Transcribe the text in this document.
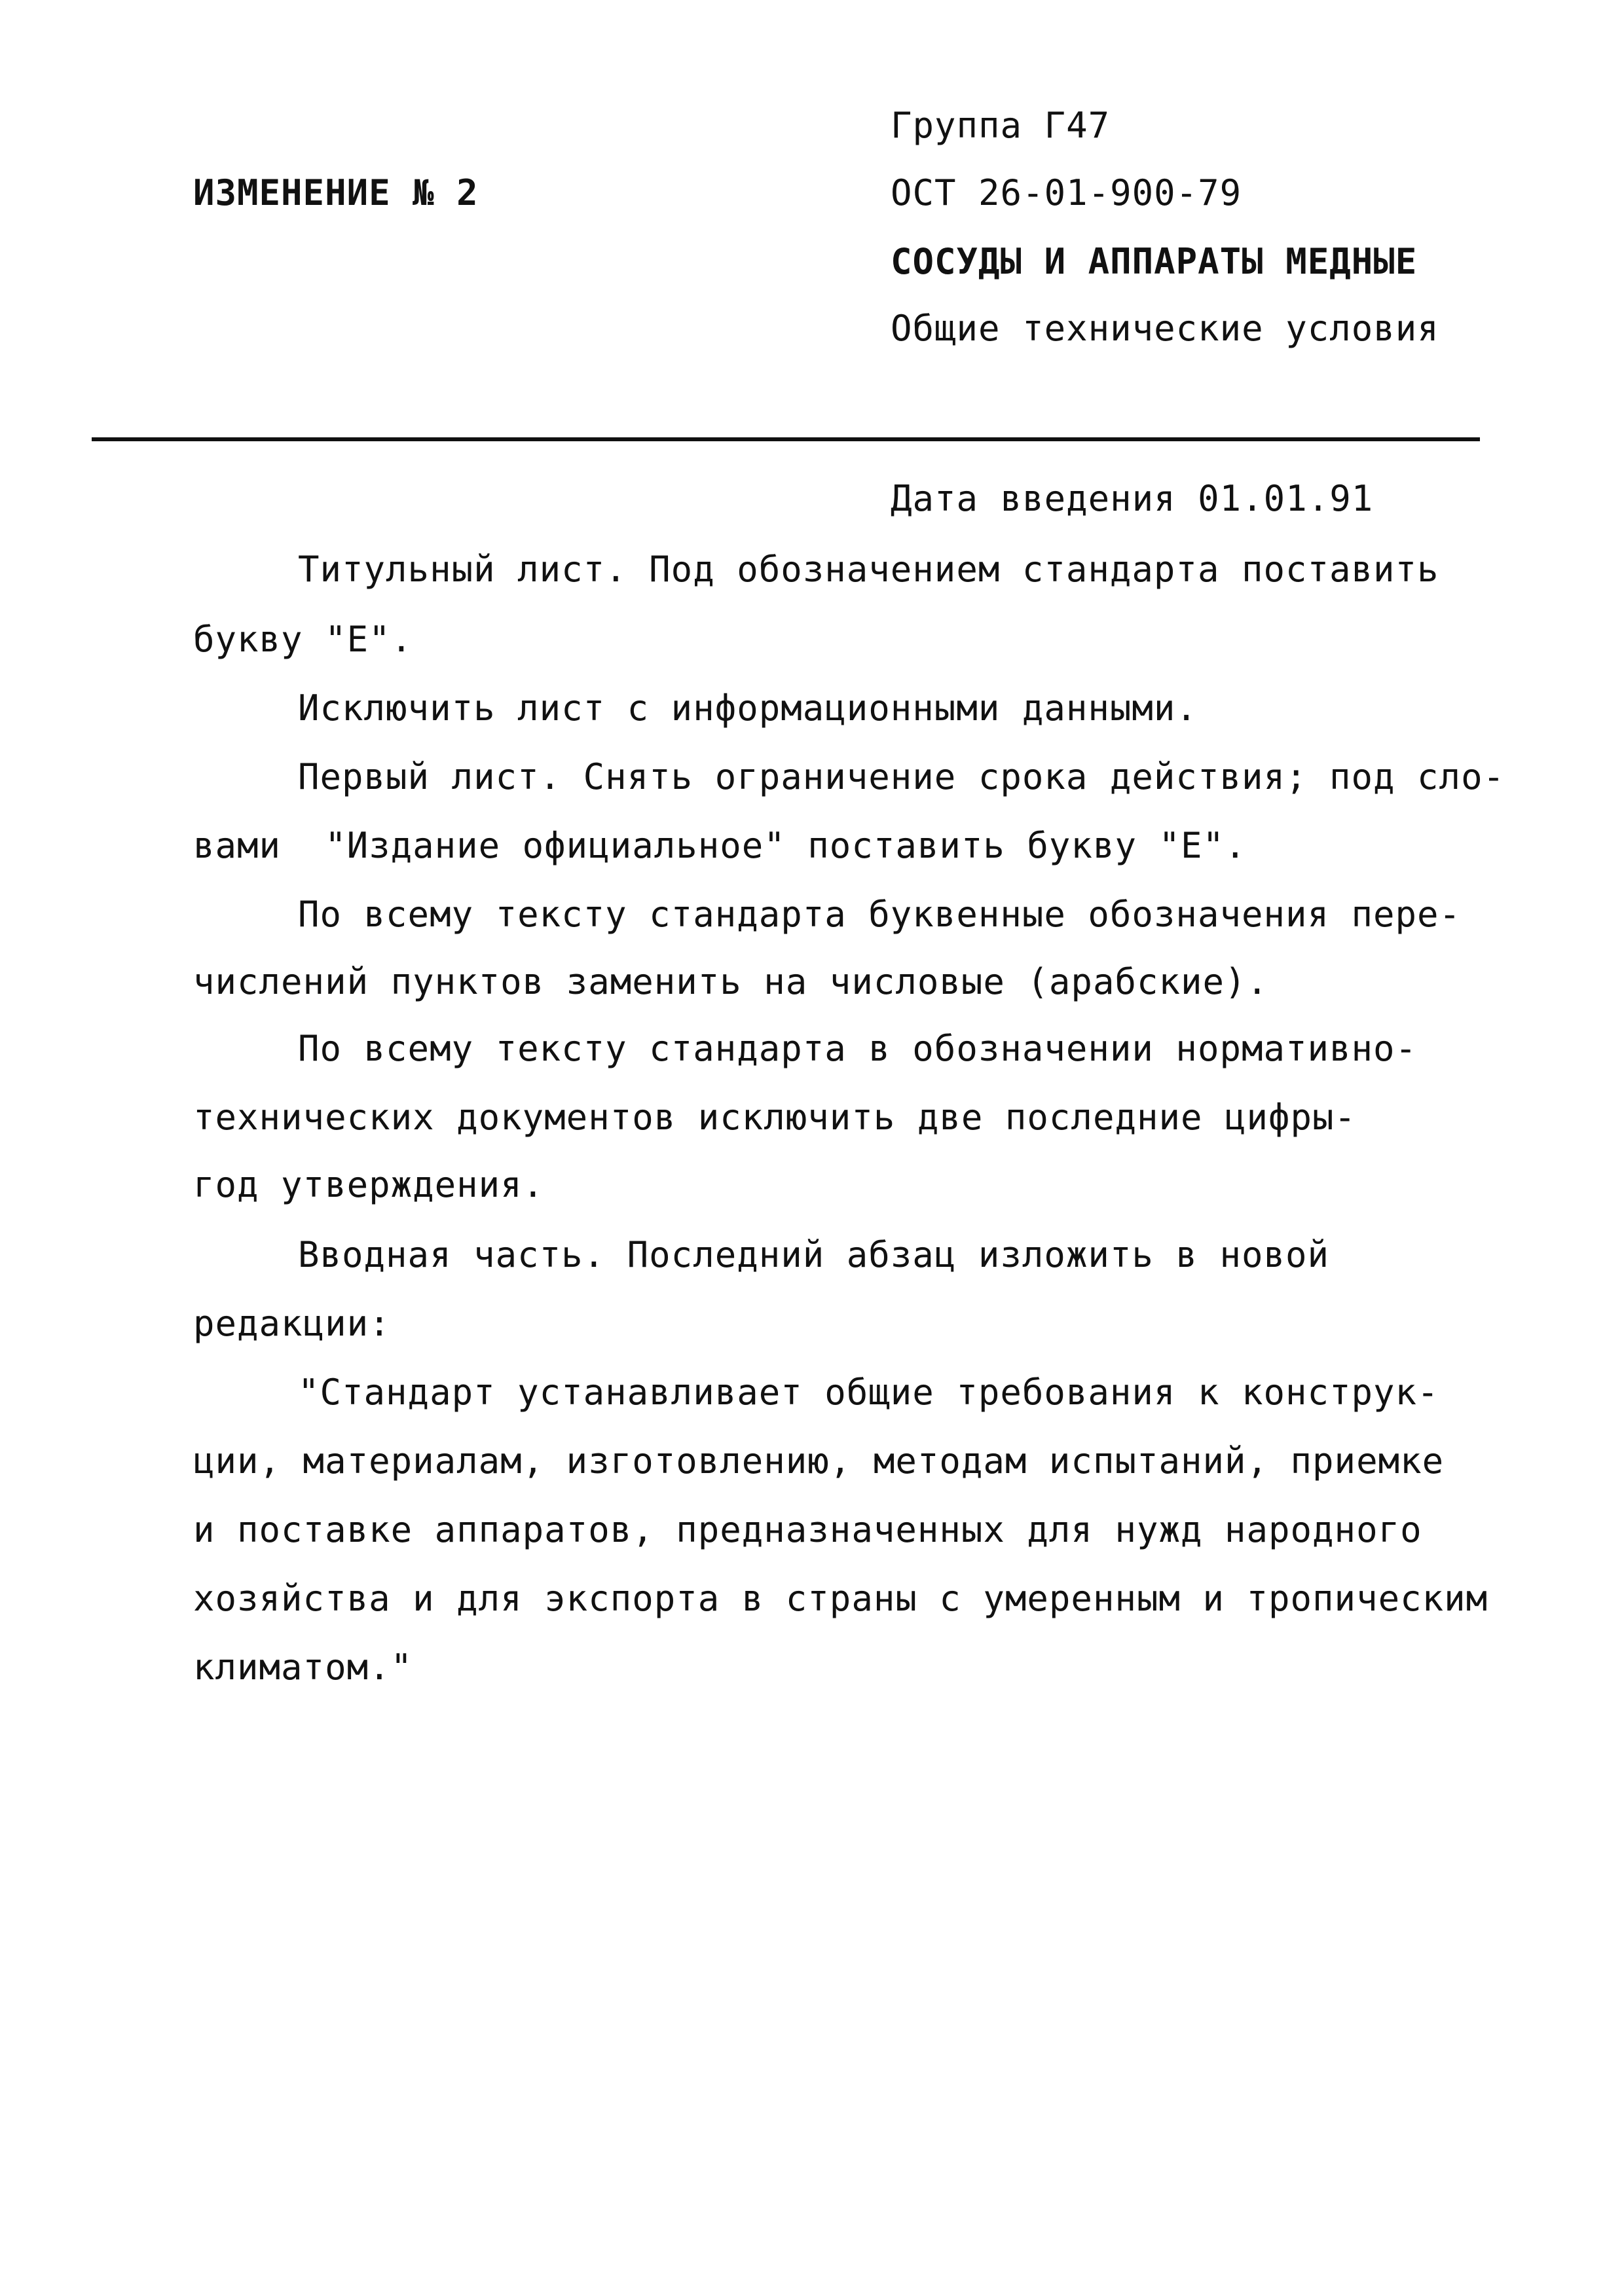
ИЗМЕНЕНИЕ № 2
Группа Г47
ОСТ 26-01-900-79
СОСУДЫ И АППАРАТЫ МЕДНЫЕ
Общие технические условия
Дата введения 01.01.91
Титульный лист. Под обозначением стандарта поставить
букву "Е".
Исключить лист с информационными данными.
Первый лист. Снять ограничение срока действия; под сло-
вами  "Издание официальное" поставить букву "Е".
По всему тексту стандарта буквенные обозначения пере-
числений пунктов заменить на числовые (арабские).
По всему тексту стандарта в обозначении нормативно-
технических документов исключить две последние цифры-
год утверждения.
Вводная часть. Последний абзац изложить в новой
редакции:
"Стандарт устанавливает общие требования к конструк-
ции, материалам, изготовлению, методам испытаний, приемке
и поставке аппаратов, предназначенных для нужд народного
хозяйства и для экспорта в страны с умеренным и тропическим
климатом."
